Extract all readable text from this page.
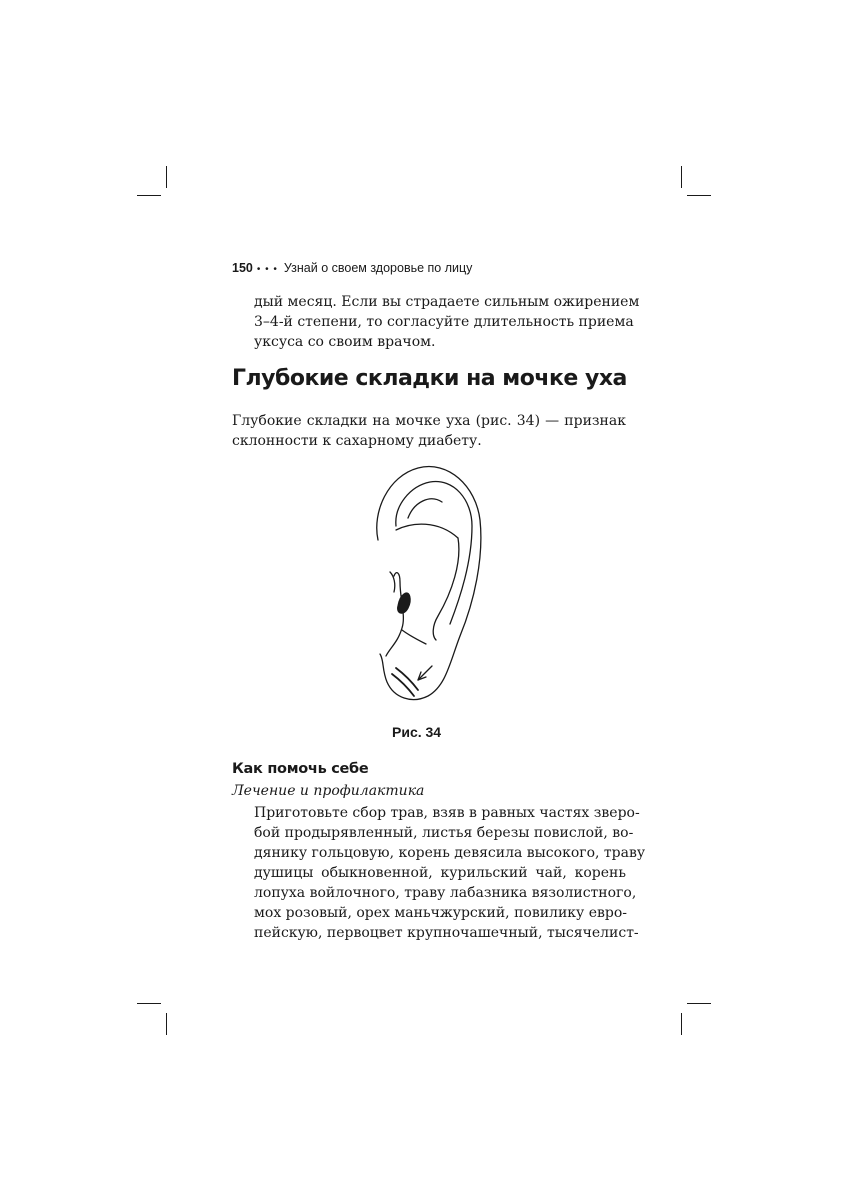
150 • • • Узнай о своем здоровье по лицу
дый месяц. Если вы страдаете сильным ожирением
3–4-й степени, то согласуйте длительность приема
уксуса со своим врачом.
Глубокие складки на мочке уха
Глубокие складки на мочке уха (рис. 34) — признак
склонности к сахарному диабету.

Рис. 34

Как помочь себе

Лечение и профилактика

Приготовьте сбор трав, взяв в равных частях зверо-
бой продырявленный, листья березы повислой, во-
дянику гольцовую, корень девясила высокого, траву
душицы обыкновенной, курильский чай, корень
лопуха войлочного, траву лабазника вязолистного,
мох розовый, орех маньчжурский, повилику евро-
пейскую, первоцвет крупночашечный, тысячелист-
